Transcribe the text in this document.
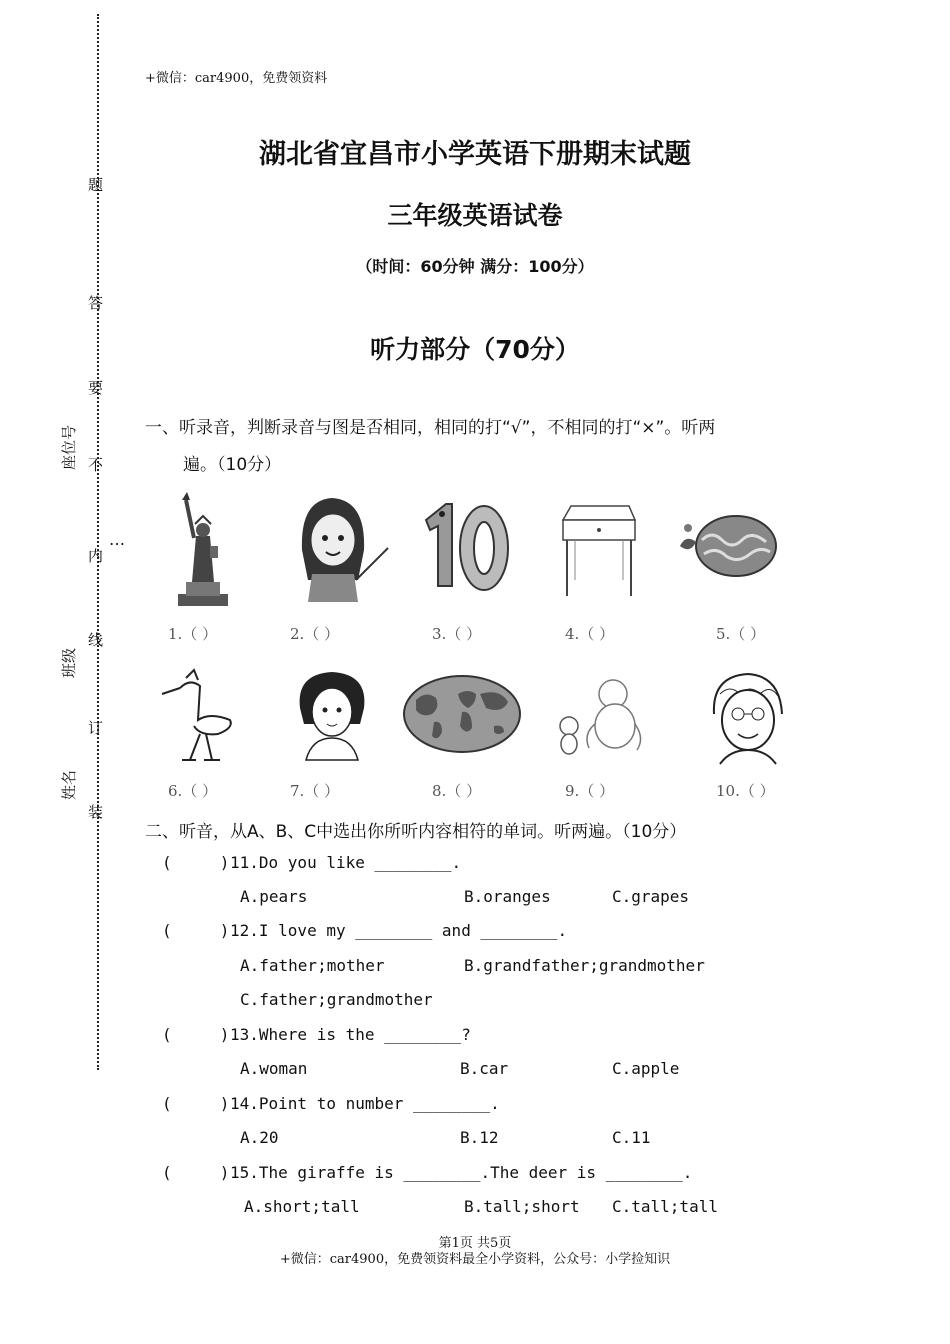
题
答
要
不
内
线
订
装
…
座位号
班级
姓名
+微信：car4900，免费领资料
湖北省宜昌市小学英语下册期末试题
三年级英语试卷
（时间：60分钟 满分：100分）
听力部分（70分）
一、听录音，判断录音与图是否相同，相同的打“√”，不相同的打“×”。听两
遍。（10分）
1.（ ）	2.（ ）	3.（ ）	4.（ ）	5.（ ）
6.（ ）	7.（ ）	8.（ ）	9.（ ）	10.（ ）
二、听音，从A、B、C中选出你所听内容相符的单词。听两遍。（10分）
(     ) 11.Do you like ________.
A.pears	B.oranges	C.grapes
(     ) 12.I love my ________ and ________.
A.father;mother	B.grandfather;grandmother
C.father;grandmother
(     ) 13.Where is the ________?
A.woman	B.car	C.apple
(     ) 14.Point to number ________.
A.20	B.12	C.11
(     ) 15.The giraffe is ________.The deer is ________.
A.short;tall	B.tall;short C.tall;tall
第1页 共5页
+微信：car4900，免费领资料最全小学资料，公众号：小学捡知识
